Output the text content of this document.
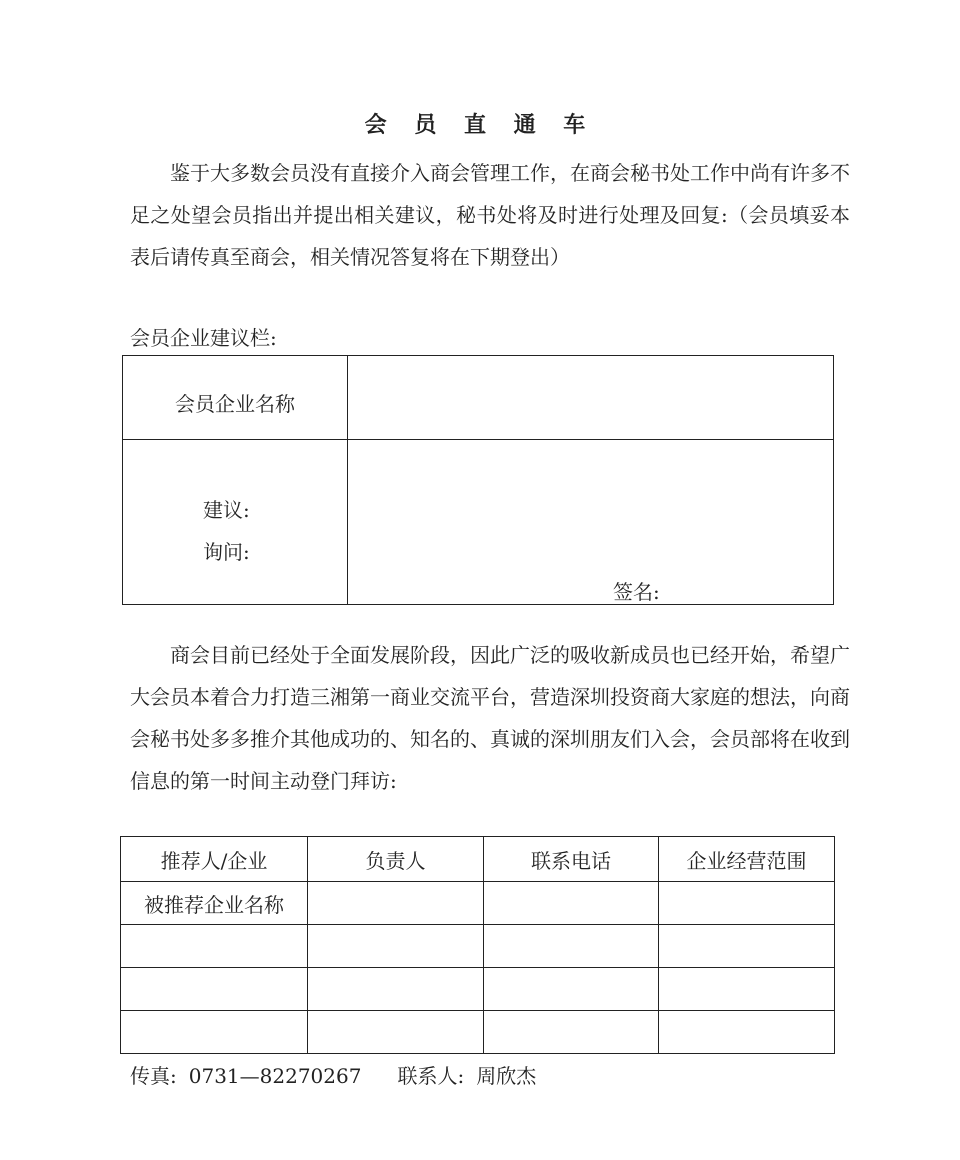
会 员 直 通 车

鉴于大多数会员没有直接介入商会管理工作，在商会秘书处工作中尚有许多不足之处望会员指出并提出相关建议，秘书处将及时进行处理及回复:（会员填妥本表后请传真至商会，相关情况答复将在下期登出）

会员企业建议栏:
会员企业名称
建议:
询问:
签名:

商会目前已经处于全面发展阶段，因此广泛的吸收新成员也已经开始，希望广大会员本着合力打造三湘第一商业交流平台，营造深圳投资商大家庭的想法，向商会秘书处多多推介其他成功的、知名的、真诚的深圳朋友们入会，会员部将在收到信息的第一时间主动登门拜访:

推荐人/企业	负责人	联系电话	企业经营范围
被推荐企业名称			

传真: 0731—82270267 联系人: 周欣杰
